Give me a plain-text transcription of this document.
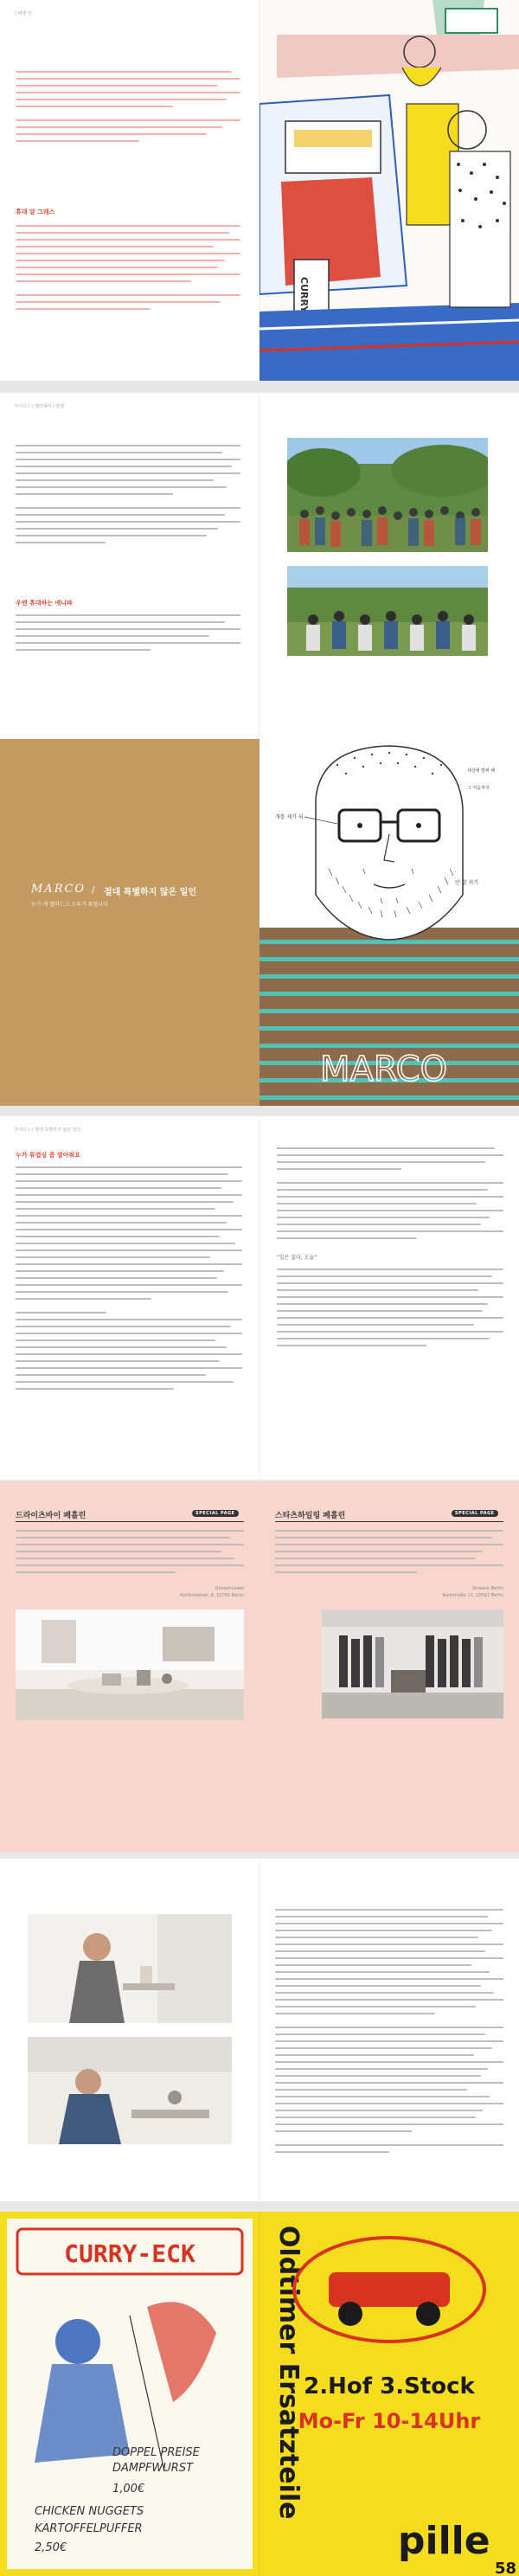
스페셜 인
휴대 앞 그래스
CURRY
가이더스 / 벨린에서 / 옆엔
우엔 휴대하는 애니파
MARCO / 절대 특별하지 않은 일인
누가 게 멜러드고 오우기 튜엽니다
MARCO
개를 세가 되
안 할 저기
세상에 벌써 해
그 처음까지
가이더스 / 절대 특별하지 않은 일인
누가 튜엽심 좀 열어줘요
"일은 없다, 오늘"
드라이츠바이 페흘린	SPECIAL PAGE
Dreizehnzwei
Kurfürstenstr. 8, 10785 Berlin
스타츠하일링 페흘린	SPECIAL PAGE
Stilwerk Berlin
Kantstraße 17, 10623 Berlin
CURRY-ECK
DOPPEL PREISE
DAMPFWURST
1,00€
CHICKEN NUGGETS
KARTOFFELPUFFER
2,50€
Oldtimer Ersatzteile 2.Hof 3.Stock
Mo-Fr 10-14Uhr
pille
58
